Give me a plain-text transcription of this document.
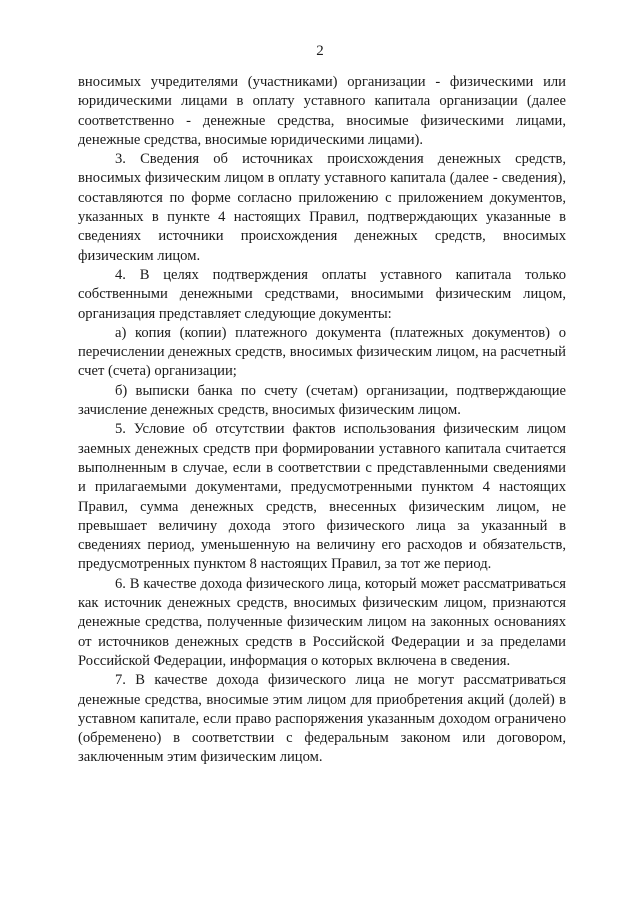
2

вносимых учредителями (участниками) организации - физическими или юридическими лицами в оплату уставного капитала организации (далее соответственно - денежные средства, вносимые физическими лицами, денежные средства, вносимые юридическими лицами).

3. Сведения об источниках происхождения денежных средств, вносимых физическим лицом в оплату уставного капитала (далее - сведения), составляются по форме согласно приложению с приложением документов, указанных в пункте 4 настоящих Правил, подтверждающих указанные в сведениях источники происхождения денежных средств, вносимых физическим лицом.

4. В целях подтверждения оплаты уставного капитала только собственными денежными средствами, вносимыми физическим лицом, организация представляет следующие документы:

а) копия (копии) платежного документа (платежных документов) о перечислении денежных средств, вносимых физическим лицом, на расчетный счет (счета) организации;

б) выписки банка по счету (счетам) организации, подтверждающие зачисление денежных средств, вносимых физическим лицом.

5. Условие об отсутствии фактов использования физическим лицом заемных денежных средств при формировании уставного капитала считается выполненным в случае, если в соответствии с представленными сведениями и прилагаемыми документами, предусмотренными пунктом 4 настоящих Правил, сумма денежных средств, внесенных физическим лицом, не превышает величину дохода этого физического лица за указанный в сведениях период, уменьшенную на величину его расходов и обязательств, предусмотренных пунктом 8 настоящих Правил, за тот же период.

6. В качестве дохода физического лица, который может рассматриваться как источник денежных средств, вносимых физическим лицом, признаются денежные средства, полученные физическим лицом на законных основаниях от источников денежных средств в Российской Федерации и за пределами Российской Федерации, информация о которых включена в сведения.

7. В качестве дохода физического лица не могут рассматриваться денежные средства, вносимые этим лицом для приобретения акций (долей) в уставном капитале, если право распоряжения указанным доходом ограничено (обременено) в соответствии с федеральным законом или договором, заключенным этим физическим лицом.
